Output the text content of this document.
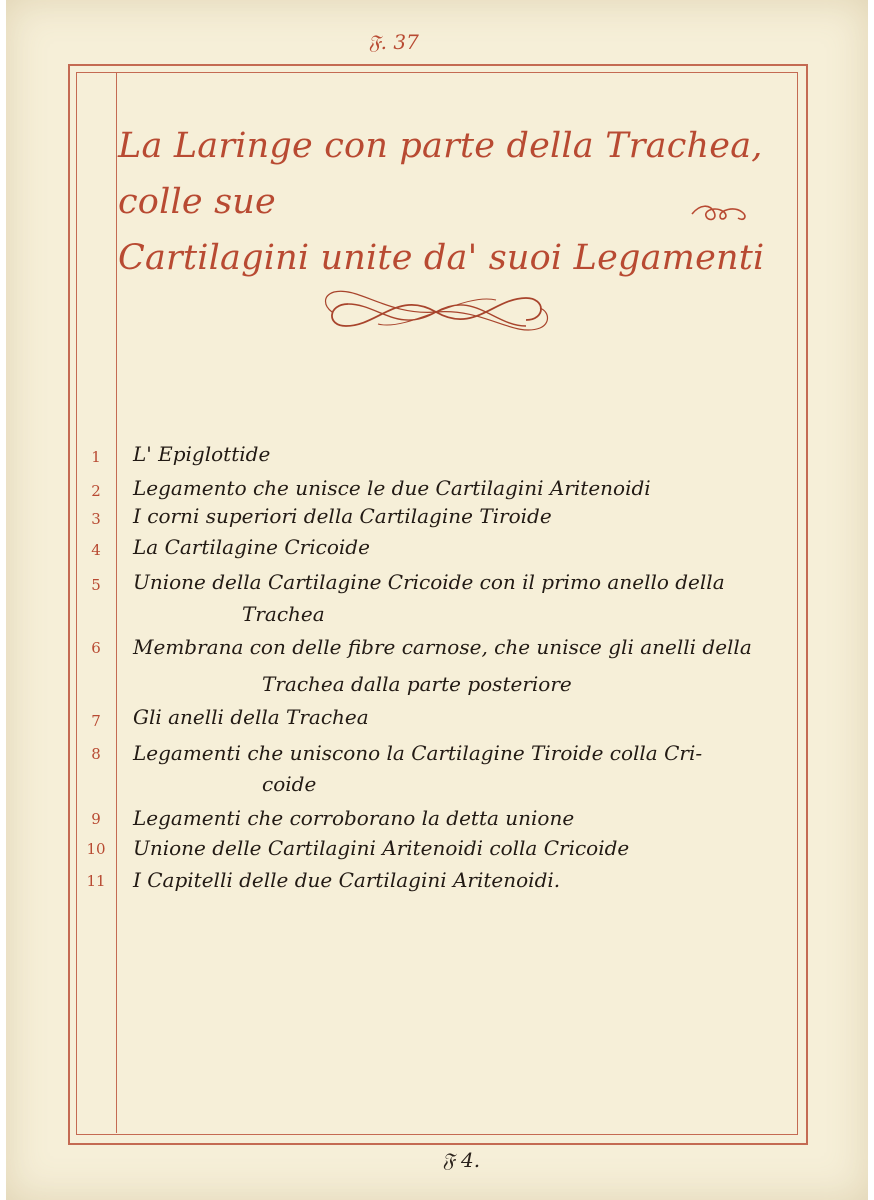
𝔉. 37
La Laringe con parte della Trachea, colle sue
Cartilagini unite da' suoi Legamenti
1	L' Epiglottide
2	Legamento che unisce le due Cartilagini Aritenoidi
3	I corni superiori della Cartilagine Tiroide
4	La Cartilagine Cricoide
5	Unione della Cartilagine Cricoide con il primo anello della
Trachea
6	Membrana con delle fibre carnose, che unisce gli anelli della
Trachea dalla parte posteriore
7	Gli anelli della Trachea
8	Legamenti che uniscono la Cartilagine Tiroide colla Cri-
coide
9	Legamenti che corroborano la detta unione
10 Unione delle Cartilagini Aritenoidi colla Cricoide
11 I Capitelli delle due Cartilagini Aritenoidi.
𝔉 4.
